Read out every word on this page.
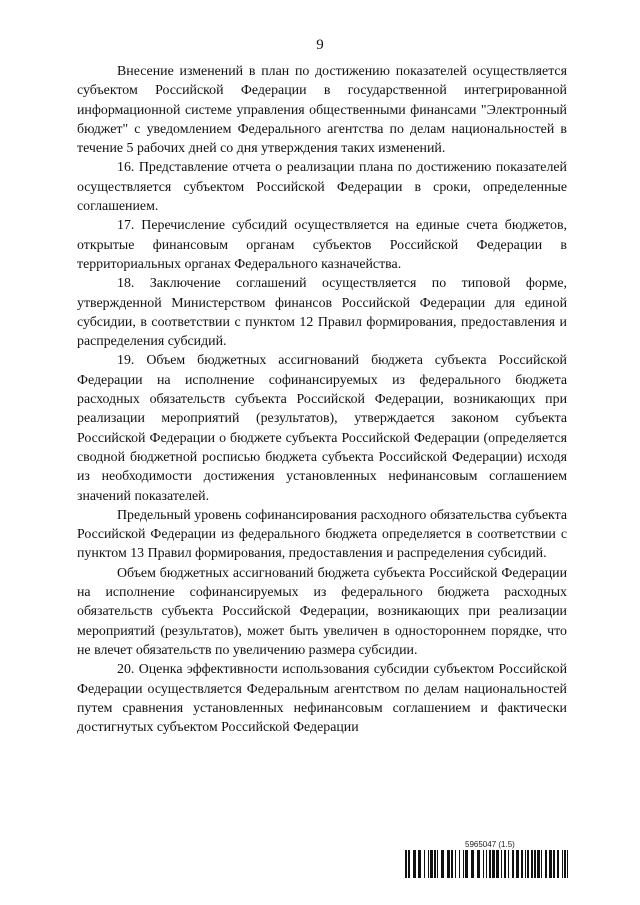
9

Внесение изменений в план по достижению показателей осуществляется субъектом Российской Федерации в государственной интегрированной информационной системе управления общественными финансами "Электронный бюджет" с уведомлением Федерального агентства по делам национальностей в течение 5 рабочих дней со дня утверждения таких изменений.

16. Представление отчета о реализации плана по достижению показателей осуществляется субъектом Российской Федерации в сроки, определенные соглашением.

17. Перечисление субсидий осуществляется на единые счета бюджетов, открытые финансовым органам субъектов Российской Федерации в территориальных органах Федерального казначейства.

18. Заключение соглашений осуществляется по типовой форме, утвержденной Министерством финансов Российской Федерации для единой субсидии, в соответствии с пунктом 12 Правил формирования, предоставления и распределения субсидий.

19. Объем бюджетных ассигнований бюджета субъекта Российской Федерации на исполнение софинансируемых из федерального бюджета расходных обязательств субъекта Российской Федерации, возникающих при реализации мероприятий (результатов), утверждается законом субъекта Российской Федерации о бюджете субъекта Российской Федерации (определяется сводной бюджетной росписью бюджета субъекта Российской Федерации) исходя из необходимости достижения установленных нефинансовым соглашением значений показателей.

Предельный уровень софинансирования расходного обязательства субъекта Российской Федерации из федерального бюджета определяется в соответствии с пунктом 13 Правил формирования, предоставления и распределения субсидий.

Объем бюджетных ассигнований бюджета субъекта Российской Федерации на исполнение софинансируемых из федерального бюджета расходных обязательств субъекта Российской Федерации, возникающих при реализации мероприятий (результатов), может быть увеличен в одностороннем порядке, что не влечет обязательств по увеличению размера субсидии.

20. Оценка эффективности использования субсидии субъектом Российской Федерации осуществляется Федеральным агентством по делам национальностей путем сравнения установленных нефинансовым соглашением и фактически достигнутых субъектом Российской Федерации

5965047 (1.5)
